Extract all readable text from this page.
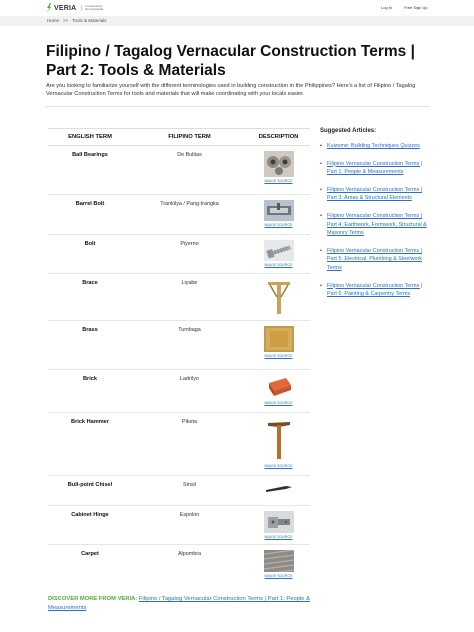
VERIA	Construction
Encyclopedia	Log In	Free Sign Up
Home >> Tools & Materials
Filipino / Tagalog Vernacular Construction Terms | Part 2: Tools & Materials

Are you looking to familiarize yourself with the different terminologies used in building construction in the Philippines? Here's a list of Filipino / Tagalog Vernacular Construction Terms for tools and materials that will make coordinating with your locals easier.

ENGLISH TERM	FILIPINO TERM	DESCRIPTION
Ball Bearings	De Bulitas
IMAGE SOURCE
Barrel Bolt	Trankilya / Pang-trangka
IMAGE SOURCE
Bolt	Piyerno
IMAGE SOURCE
Brace	Liyabe
Brass	Tumbaga
IMAGE SOURCE
Brick	Ladrilyo
IMAGE SOURCE
Brick Hammer	Piketa
IMAGE SOURCE
Bull-point Chisel	Sinsil
Cabinet Hinge	Espolon
IMAGE SOURCE
Carpet	Alpombra
IMAGE SOURCE
Suggested Articles:
• Kuizeme: Building Techniques Quizzes
• Filipino Vernacular Construction Terms | Part 1: People & Measurements
• Filipino Vernacular Construction Terms | Part 3: Areas & Structural Elements
• Filipino Vernacular Construction Terms | Part 4: Earthwork, Formwork, Structural & Masonry Terms
• Filipino Vernacular Construction Terms | Part 5: Electrical, Plumbing & Steelwork Terms
• Filipino Vernacular Construction Terms | Part 6: Painting & Carpentry Terms
DISCOVER MORE FROM VERIA: Filipino / Tagalog Vernacular Construction Terms | Part 1: People & Measurements
